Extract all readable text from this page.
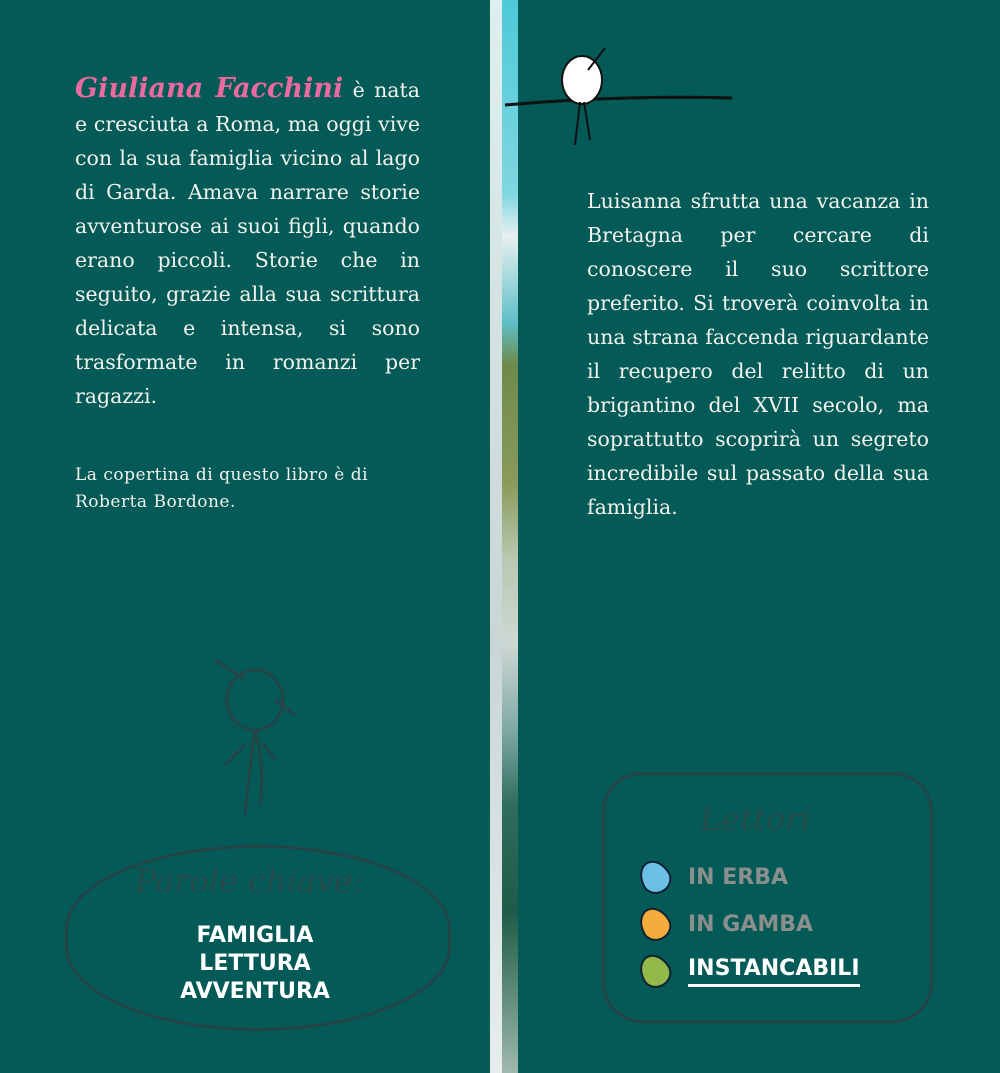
Giuliana Facchini è nata e cresciuta a Roma, ma oggi vive con la sua famiglia vicino al lago di Garda. Amava narrare storie avventurose ai suoi figli, quando erano piccoli. Storie che in seguito, grazie alla sua scrittura delicata e intensa, si sono trasformate in romanzi per ragazzi.
La copertina di questo libro è di Roberta Bordone.
Parole chiave:
FAMIGLIA
LETTURA
AVVENTURA
Luisanna sfrutta una vacanza in Bretagna per cercare di conoscere il suo scrittore preferito. Si troverà coinvolta in una strana faccenda riguardante il recupero del relitto di un brigantino del XVII secolo, ma soprattutto scoprirà un segreto incredibile sul passato della sua famiglia.
Lettori
IN ERBA
IN GAMBA
INSTANCABILI
